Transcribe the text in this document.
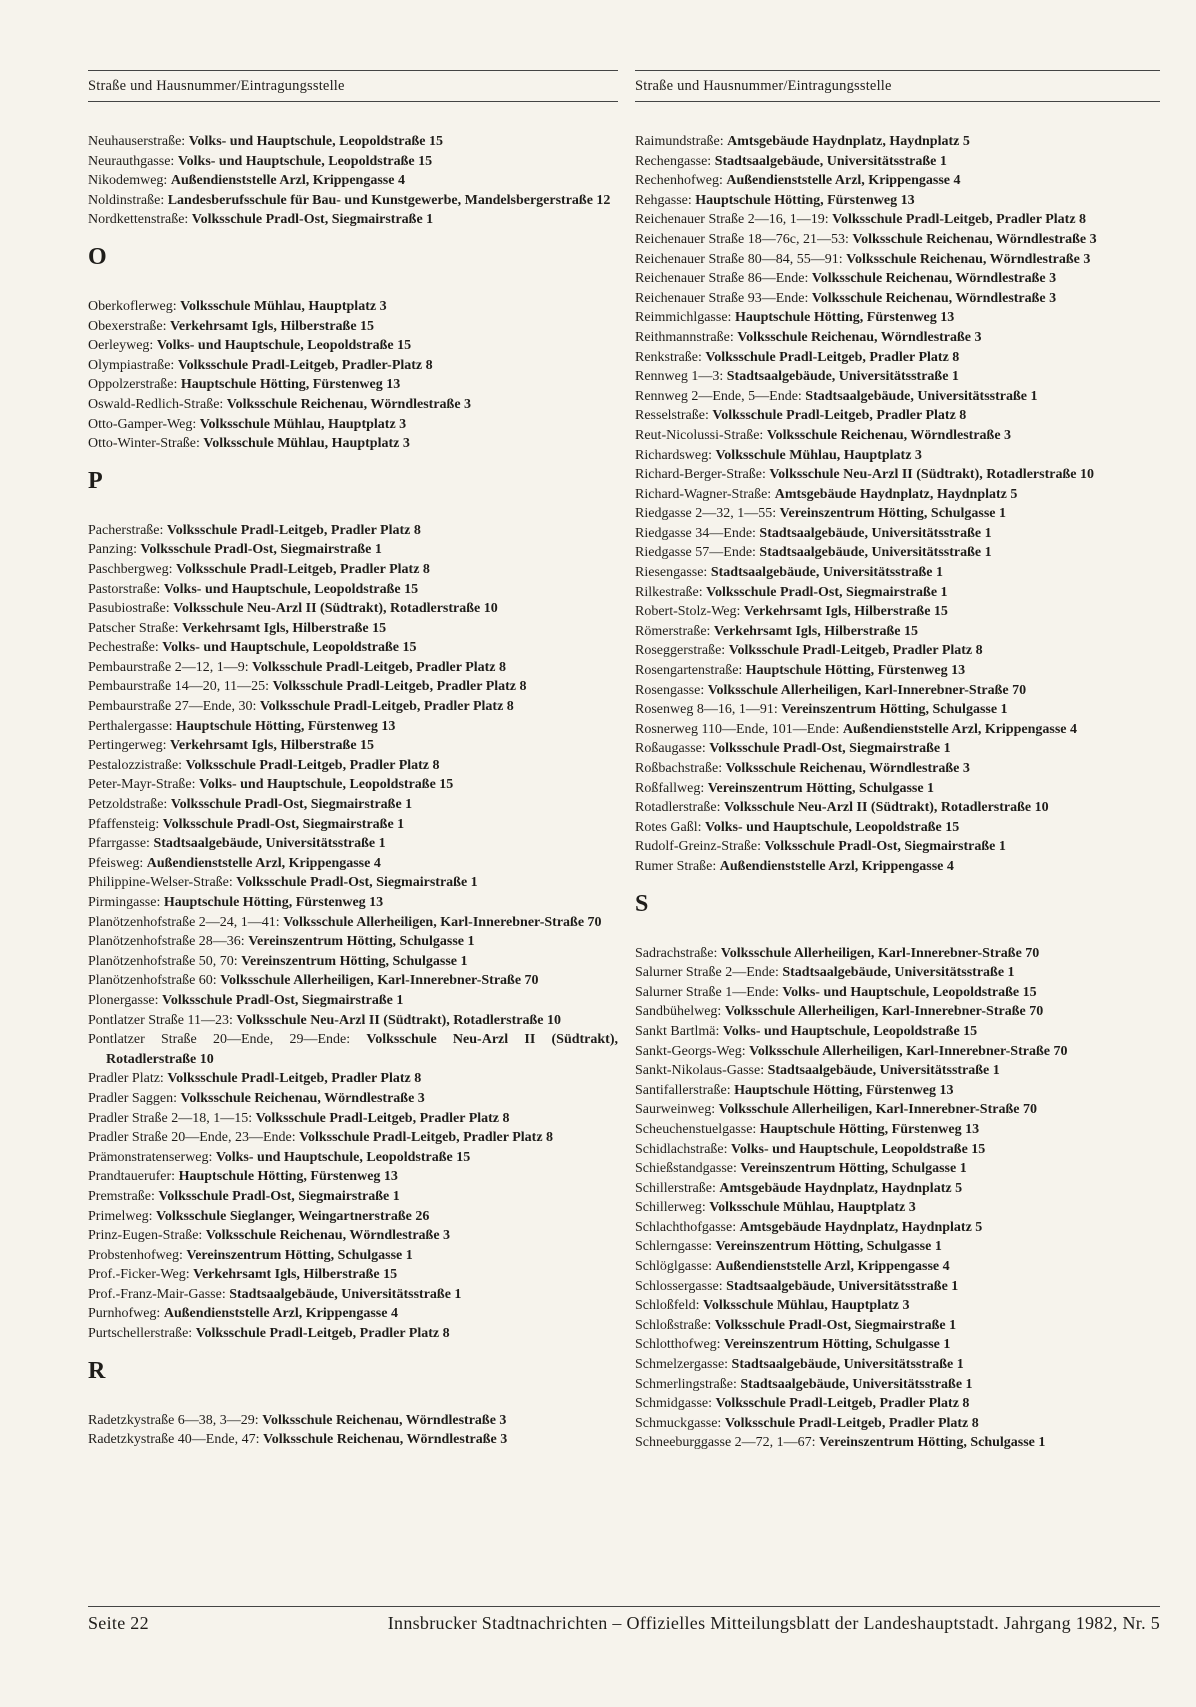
Straße und Hausnummer/Eintragungsstelle
Neuhauserstraße: Volks- und Hauptschule, Leopoldstraße 15
Neurauthgasse: Volks- und Hauptschule, Leopoldstraße 15
Nikodemweg: Außendienststelle Arzl, Krippengasse 4
Noldinstraße: Landesberufsschule für Bau- und Kunstgewerbe, Mandelsbergerstraße 12
Nordkettenstraße: Volksschule Pradl-Ost, Siegmairstraße 1
O
Oberkoflerweg: Volksschule Mühlau, Hauptplatz 3
Obexerstraße: Verkehrsamt Igls, Hilberstraße 15
Oerleyweg: Volks- und Hauptschule, Leopoldstraße 15
Olympiastraße: Volksschule Pradl-Leitgeb, Pradler-Platz 8
Oppolzerstraße: Hauptschule Hötting, Fürstenweg 13
Oswald-Redlich-Straße: Volksschule Reichenau, Wörndlestraße 3
Otto-Gamper-Weg: Volksschule Mühlau, Hauptplatz 3
Otto-Winter-Straße: Volksschule Mühlau, Hauptplatz 3
P
Pacherstraße: Volksschule Pradl-Leitgeb, Pradler Platz 8
Panzing: Volksschule Pradl-Ost, Siegmairstraße 1
Paschbergweg: Volksschule Pradl-Leitgeb, Pradler Platz 8
Pastorstraße: Volks- und Hauptschule, Leopoldstraße 15
Pasubiostraße: Volksschule Neu-Arzl II (Südtrakt), Rotadlerstraße 10
Patscher Straße: Verkehrsamt Igls, Hilberstraße 15
Pechestraße: Volks- und Hauptschule, Leopoldstraße 15
Pembaurstraße 2—12, 1—9: Volksschule Pradl-Leitgeb, Pradler Platz 8
Pembaurstraße 14—20, 11—25: Volksschule Pradl-Leitgeb, Pradler Platz 8
Pembaurstraße 27—Ende, 30: Volksschule Pradl-Leitgeb, Pradler Platz 8
Perthalergasse: Hauptschule Hötting, Fürstenweg 13
Pertingerweg: Verkehrsamt Igls, Hilberstraße 15
Pestalozzistraße: Volksschule Pradl-Leitgeb, Pradler Platz 8
Peter-Mayr-Straße: Volks- und Hauptschule, Leopoldstraße 15
Petzoldstraße: Volksschule Pradl-Ost, Siegmairstraße 1
Pfaffensteig: Volksschule Pradl-Ost, Siegmairstraße 1
Pfarrgasse: Stadtsaalgebäude, Universitätsstraße 1
Pfeisweg: Außendienststelle Arzl, Krippengasse 4
Philippine-Welser-Straße: Volksschule Pradl-Ost, Siegmairstraße 1
Pirmingasse: Hauptschule Hötting, Fürstenweg 13
Planötzenhofstraße 2—24, 1—41: Volksschule Allerheiligen, Karl-Innerebner-Straße 70
Planötzenhofstraße 28—36: Vereinszentrum Hötting, Schulgasse 1
Planötzenhofstraße 50, 70: Vereinszentrum Hötting, Schulgasse 1
Planötzenhofstraße 60: Volksschule Allerheiligen, Karl-Innerebner-Straße 70
Plonergasse: Volksschule Pradl-Ost, Siegmairstraße 1
Pontlatzer Straße 11—23: Volksschule Neu-Arzl II (Südtrakt), Rotadlerstraße 10
Pontlatzer Straße 20—Ende, 29—Ende: Volksschule Neu-Arzl II (Südtrakt), Rotadlerstraße 10
Pradler Platz: Volksschule Pradl-Leitgeb, Pradler Platz 8
Pradler Saggen: Volksschule Reichenau, Wörndlestraße 3
Pradler Straße 2—18, 1—15: Volksschule Pradl-Leitgeb, Pradler Platz 8
Pradler Straße 20—Ende, 23—Ende: Volksschule Pradl-Leitgeb, Pradler Platz 8
Prämonstratenserweg: Volks- und Hauptschule, Leopoldstraße 15
Prandtauerufer: Hauptschule Hötting, Fürstenweg 13
Premstraße: Volksschule Pradl-Ost, Siegmairstraße 1
Primelweg: Volksschule Sieglanger, Weingartnerstraße 26
Prinz-Eugen-Straße: Volksschule Reichenau, Wörndlestraße 3
Probstenhofweg: Vereinszentrum Hötting, Schulgasse 1
Prof.-Ficker-Weg: Verkehrsamt Igls, Hilberstraße 15
Prof.-Franz-Mair-Gasse: Stadtsaalgebäude, Universitätsstraße 1
Purnhofweg: Außendienststelle Arzl, Krippengasse 4
Purtschellerstraße: Volksschule Pradl-Leitgeb, Pradler Platz 8
R
Radetzkystraße 6—38, 3—29: Volksschule Reichenau, Wörndlestraße 3
Radetzkystraße 40—Ende, 47: Volksschule Reichenau, Wörndlestraße 3
Straße und Hausnummer/Eintragungsstelle
Raimundstraße: Amtsgebäude Haydnplatz, Haydnplatz 5
Rechengasse: Stadtsaalgebäude, Universitätsstraße 1
Rechenhofweg: Außendienststelle Arzl, Krippengasse 4
Rehgasse: Hauptschule Hötting, Fürstenweg 13
Reichenauer Straße 2—16, 1—19: Volksschule Pradl-Leitgeb, Pradler Platz 8
Reichenauer Straße 18—76c, 21—53: Volksschule Reichenau, Wörndlestraße 3
Reichenauer Straße 80—84, 55—91: Volksschule Reichenau, Wörndlestraße 3
Reichenauer Straße 86—Ende: Volksschule Reichenau, Wörndlestraße 3
Reichenauer Straße 93—Ende: Volksschule Reichenau, Wörndlestraße 3
Reimmichlgasse: Hauptschule Hötting, Fürstenweg 13
Reithmannstraße: Volksschule Reichenau, Wörndlestraße 3
Renkstraße: Volksschule Pradl-Leitgeb, Pradler Platz 8
Rennweg 1—3: Stadtsaalgebäude, Universitätsstraße 1
Rennweg 2—Ende, 5—Ende: Stadtsaalgebäude, Universitätsstraße 1
Resselstraße: Volksschule Pradl-Leitgeb, Pradler Platz 8
Reut-Nicolussi-Straße: Volksschule Reichenau, Wörndlestraße 3
Richardsweg: Volksschule Mühlau, Hauptplatz 3
Richard-Berger-Straße: Volksschule Neu-Arzl II (Südtrakt), Rotadlerstraße 10
Richard-Wagner-Straße: Amtsgebäude Haydnplatz, Haydnplatz 5
Riedgasse 2—32, 1—55: Vereinszentrum Hötting, Schulgasse 1
Riedgasse 34—Ende: Stadtsaalgebäude, Universitätsstraße 1
Riedgasse 57—Ende: Stadtsaalgebäude, Universitätsstraße 1
Riesengasse: Stadtsaalgebäude, Universitätsstraße 1
Rilkestraße: Volksschule Pradl-Ost, Siegmairstraße 1
Robert-Stolz-Weg: Verkehrsamt Igls, Hilberstraße 15
Römerstraße: Verkehrsamt Igls, Hilberstraße 15
Roseggerstraße: Volksschule Pradl-Leitgeb, Pradler Platz 8
Rosengartenstraße: Hauptschule Hötting, Fürstenweg 13
Rosengasse: Volksschule Allerheiligen, Karl-Innerebner-Straße 70
Rosenweg 8—16, 1—91: Vereinszentrum Hötting, Schulgasse 1
Rosnerweg 110—Ende, 101—Ende: Außendienststelle Arzl, Krippengasse 4
Roßaugasse: Volksschule Pradl-Ost, Siegmairstraße 1
Roßbachstraße: Volksschule Reichenau, Wörndlestraße 3
Roßfallweg: Vereinszentrum Hötting, Schulgasse 1
Rotadlerstraße: Volksschule Neu-Arzl II (Südtrakt), Rotadlerstraße 10
Rotes Gaßl: Volks- und Hauptschule, Leopoldstraße 15
Rudolf-Greinz-Straße: Volksschule Pradl-Ost, Siegmairstraße 1
Rumer Straße: Außendienststelle Arzl, Krippengasse 4
S
Sadrachstraße: Volksschule Allerheiligen, Karl-Innerebner-Straße 70
Salurner Straße 2—Ende: Stadtsaalgebäude, Universitätsstraße 1
Salurner Straße 1—Ende: Volks- und Hauptschule, Leopoldstraße 15
Sandbühelweg: Volksschule Allerheiligen, Karl-Innerebner-Straße 70
Sankt Bartlmä: Volks- und Hauptschule, Leopoldstraße 15
Sankt-Georgs-Weg: Volksschule Allerheiligen, Karl-Innerebner-Straße 70
Sankt-Nikolaus-Gasse: Stadtsaalgebäude, Universitätsstraße 1
Santifallerstraße: Hauptschule Hötting, Fürstenweg 13
Saurweinweg: Volksschule Allerheiligen, Karl-Innerebner-Straße 70
Scheuchenstuelgasse: Hauptschule Hötting, Fürstenweg 13
Schidlachstraße: Volks- und Hauptschule, Leopoldstraße 15
Schießstandgasse: Vereinszentrum Hötting, Schulgasse 1
Schillerstraße: Amtsgebäude Haydnplatz, Haydnplatz 5
Schillerweg: Volksschule Mühlau, Hauptplatz 3
Schlachthofgasse: Amtsgebäude Haydnplatz, Haydnplatz 5
Schlerngasse: Vereinszentrum Hötting, Schulgasse 1
Schlöglgasse: Außendienststelle Arzl, Krippengasse 4
Schlossergasse: Stadtsaalgebäude, Universitätsstraße 1
Schloßfeld: Volksschule Mühlau, Hauptplatz 3
Schloßstraße: Volksschule Pradl-Ost, Siegmairstraße 1
Schlotthofweg: Vereinszentrum Hötting, Schulgasse 1
Schmelzergasse: Stadtsaalgebäude, Universitätsstraße 1
Schmerlingstraße: Stadtsaalgebäude, Universitätsstraße 1
Schmidgasse: Volksschule Pradl-Leitgeb, Pradler Platz 8
Schmuckgasse: Volksschule Pradl-Leitgeb, Pradler Platz 8
Schneeburggasse 2—72, 1—67: Vereinszentrum Hötting, Schulgasse 1
Seite 22	Innsbrucker Stadtnachrichten – Offizielles Mitteilungsblatt der Landeshauptstadt. Jahrgang 1982, Nr. 5
